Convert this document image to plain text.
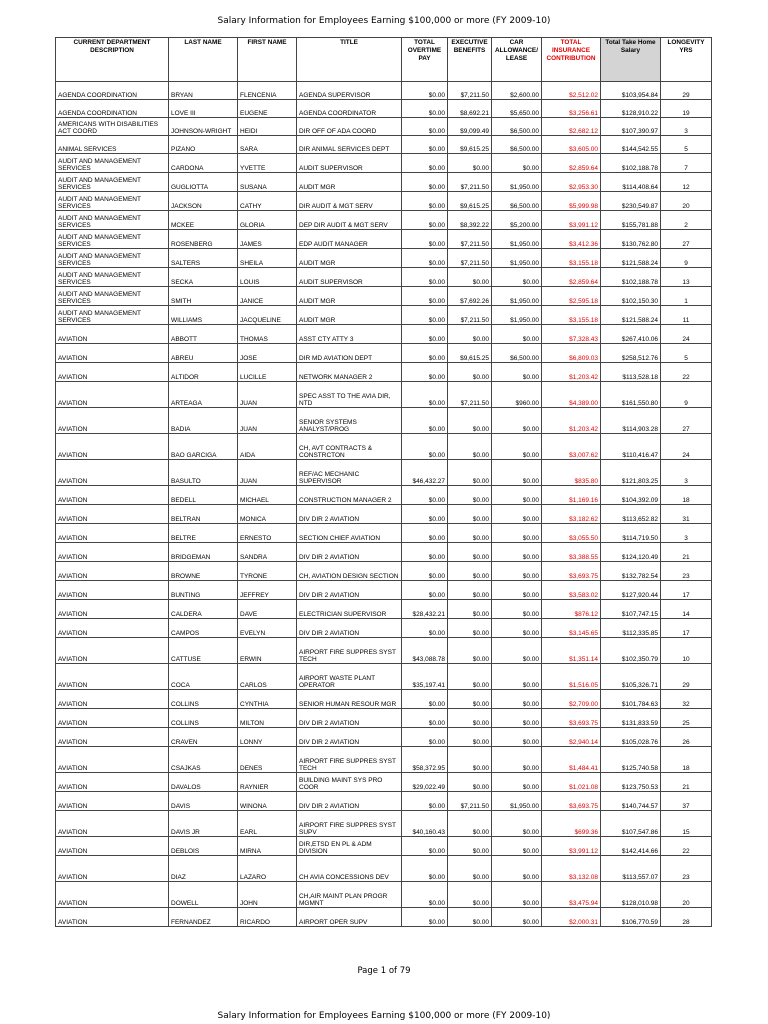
Salary Information for Employees Earning $100,000 or more (FY 2009-10)
CURRENT DEPARTMENT DESCRIPTION	LAST NAME	FIRST NAME	TITLE	TOTAL OVERTIME PAY	EXECUTIVE BENEFITS	CAR ALLOWANCE/ LEASE	TOTAL INSURANCE CONTRIBUTION	Total Take Home Salary	LONGEVITY YRS
AGENDA COORDINATION	BRYAN	FLENCENIA	AGENDA SUPERVISOR	$0.00	$7,211.50	$2,600.00	$2,512.02	$103,954.84	29
AGENDA COORDINATION	LOVE III	EUGENE	AGENDA COORDINATOR	$0.00	$8,692.21	$5,650.00	$3,256.61	$128,910.22	19
AMERICANS WITH DISABILITIES ACT COORD	JOHNSON-WRIGHT	HEIDI	DIR OFF OF ADA COORD	$0.00	$9,099.49	$6,500.00	$2,682.12	$107,390.97	3
ANIMAL SERVICES	PIZANO	SARA	DIR ANIMAL SERVICES DEPT	$0.00	$9,615.25	$6,500.00	$3,605.00	$144,542.55	5
AUDIT AND MANAGEMENT SERVICES	CARDONA	YVETTE	AUDIT SUPERVISOR	$0.00	$0.00	$0.00	$2,859.64	$102,188.78	7
AUDIT AND MANAGEMENT SERVICES	GUGLIOTTA	SUSANA	AUDIT MGR	$0.00	$7,211.50	$1,950.00	$2,953.30	$114,408.64	12
AUDIT AND MANAGEMENT SERVICES	JACKSON	CATHY	DIR AUDIT & MGT SERV	$0.00	$9,615.25	$6,500.00	$5,999.98	$230,549.87	20
AUDIT AND MANAGEMENT SERVICES	MCKEE	GLORIA	DEP DIR AUDIT & MGT SERV	$0.00	$8,392.22	$5,200.00	$3,991.12	$155,781.88	2
AUDIT AND MANAGEMENT SERVICES	ROSENBERG	JAMES	EDP AUDIT MANAGER	$0.00	$7,211.50	$1,950.00	$3,412.36	$130,762.80	27
AUDIT AND MANAGEMENT SERVICES	SALTERS	SHEILA	AUDIT MGR	$0.00	$7,211.50	$1,950.00	$3,155.18	$121,588.24	9
AUDIT AND MANAGEMENT SERVICES	SECKA	LOUIS	AUDIT SUPERVISOR	$0.00	$0.00	$0.00	$2,859.64	$102,188.78	13
AUDIT AND MANAGEMENT SERVICES	SMITH	JANICE	AUDIT MGR	$0.00	$7,692.26	$1,950.00	$2,595.18	$102,150.30	1
AUDIT AND MANAGEMENT SERVICES	WILLIAMS	JACQUELINE	AUDIT MGR	$0.00	$7,211.50	$1,950.00	$3,155.18	$121,588.24	11
AVIATION	ABBOTT	THOMAS	ASST CTY ATTY 3	$0.00	$0.00	$0.00	$7,328.43	$267,410.06	24
AVIATION	ABREU	JOSE	DIR MD AVIATION DEPT	$0.00	$9,615.25	$6,500.00	$6,809.03	$258,512.76	5
AVIATION	ALTIDOR	LUCILLE	NETWORK MANAGER 2	$0.00	$0.00	$0.00	$1,203.42	$113,528.18	22
AVIATION	ARTEAGA	JUAN	SPEC ASST TO THE AVIA DIR, NTD	$0.00	$7,211.50	$960.00	$4,389.00	$161,550.80	9
AVIATION	BADIA	JUAN	SENIOR SYSTEMS ANALYST/PROG	$0.00	$0.00	$0.00	$1,203.42	$114,903.28	27
AVIATION	BAO GARCIGA	AIDA	CH, AVT CONTRACTS & CONSTRCTON	$0.00	$0.00	$0.00	$3,007.62	$110,416.47	24
AVIATION	BASULTO	JUAN	REF/AC MECHANIC SUPERVISOR	$46,432.27	$0.00	$0.00	$835.80	$121,803.25	3
AVIATION	BEDELL	MICHAEL	CONSTRUCTION MANAGER 2	$0.00	$0.00	$0.00	$1,169.16	$104,392.09	18
AVIATION	BELTRAN	MONICA	DIV DIR 2 AVIATION	$0.00	$0.00	$0.00	$3,182.62	$113,652.82	31
AVIATION	BELTRE	ERNESTO	SECTION CHIEF AVIATION	$0.00	$0.00	$0.00	$3,055.50	$114,719.50	3
AVIATION	BRIDGEMAN	SANDRA	DIV DIR 2 AVIATION	$0.00	$0.00	$0.00	$3,388.55	$124,120.49	21
AVIATION	BROWNE	TYRONE	CH, AVIATION DESIGN SECTION	$0.00	$0.00	$0.00	$3,693.75	$132,782.54	23
AVIATION	BUNTING	JEFFREY	DIV DIR 2 AVIATION	$0.00	$0.00	$0.00	$3,583.02	$127,920.44	17
AVIATION	CALDERA	DAVE	ELECTRICIAN SUPERVISOR	$28,432.21	$0.00	$0.00	$876.12	$107,747.15	14
AVIATION	CAMPOS	EVELYN	DIV DIR 2 AVIATION	$0.00	$0.00	$0.00	$3,145.65	$112,335.85	17
AVIATION	CATTUSE	ERWIN	AIRPORT FIRE SUPPRES SYST TECH	$43,088.78	$0.00	$0.00	$1,351.14	$102,350.79	10
AVIATION	COCA	CARLOS	AIRPORT WASTE PLANT OPERATOR	$35,197.41	$0.00	$0.00	$1,516.05	$105,326.71	29
AVIATION	COLLINS	CYNTHIA	SENIOR HUMAN RESOUR MGR	$0.00	$0.00	$0.00	$2,709.00	$101,784.63	32
AVIATION	COLLINS	MILTON	DIV DIR 2 AVIATION	$0.00	$0.00	$0.00	$3,693.75	$131,833.59	25
AVIATION	CRAVEN	LONNY	DIV DIR 2 AVIATION	$0.00	$0.00	$0.00	$2,940.14	$105,028.76	26
AVIATION	CSAJKAS	DENES	AIRPORT FIRE SUPPRES SYST TECH	$58,372.95	$0.00	$0.00	$1,484.41	$125,740.58	18
AVIATION	DAVALOS	RAYNIER	BUILDING MAINT SYS PRO COOR	$29,022.49	$0.00	$0.00	$1,021.08	$123,750.53	21
AVIATION	DAVIS	WINONA	DIV DIR 2 AVIATION	$0.00	$7,211.50	$1,950.00	$3,693.75	$140,744.57	37
AVIATION	DAVIS JR	EARL	AIRPORT FIRE SUPPRES SYST SUPV	$40,160.43	$0.00	$0.00	$699.36	$107,547.86	15
AVIATION	DEBLOIS	MIRNA	DIR,ETSD EN PL & ADM DIVISION	$0.00	$0.00	$0.00	$3,991.12	$142,414.66	22
AVIATION	DIAZ	LAZARO	CH AVIA CONCESSIONS DEV	$0.00	$0.00	$0.00	$3,132.08	$113,557.07	23
AVIATION	DOWELL	JOHN	CH,AIR MAINT PLAN PROGR MGMNT	$0.00	$0.00	$0.00	$3,475.94	$128,010.98	20
AVIATION	FERNANDEZ	RICARDO	AIRPORT OPER SUPV	$0.00	$0.00	$0.00	$2,000.31	$106,770.59	28
Page 1 of 79
Salary Information for Employees Earning $100,000 or more (FY 2009-10)
